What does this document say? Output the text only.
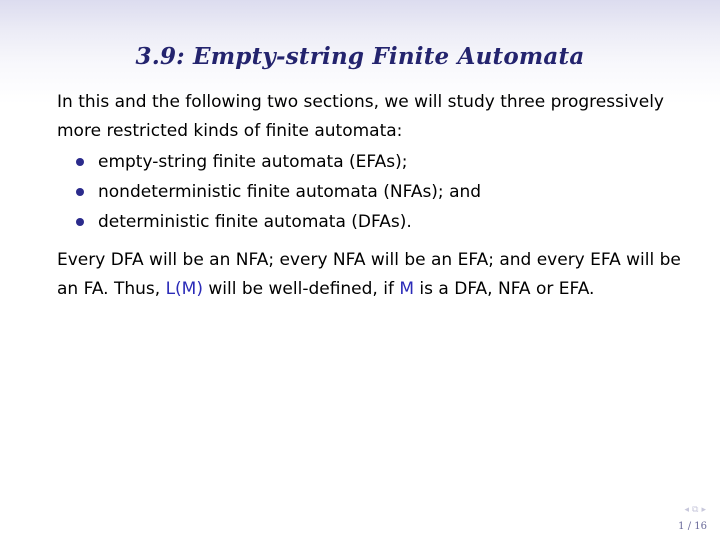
3.9: Empty-string Finite Automata

In this and the following two sections, we will study three progressively more restricted kinds of finite automata:

empty-string finite automata (EFAs);
nondeterministic finite automata (NFAs); and
deterministic finite automata (DFAs).

Every DFA will be an NFA; every NFA will be an EFA; and every EFA will be an FA. Thus, L(M) will be well-defined, if M is a DFA, NFA or EFA.

◂ ⧉ ▸
1 / 16
